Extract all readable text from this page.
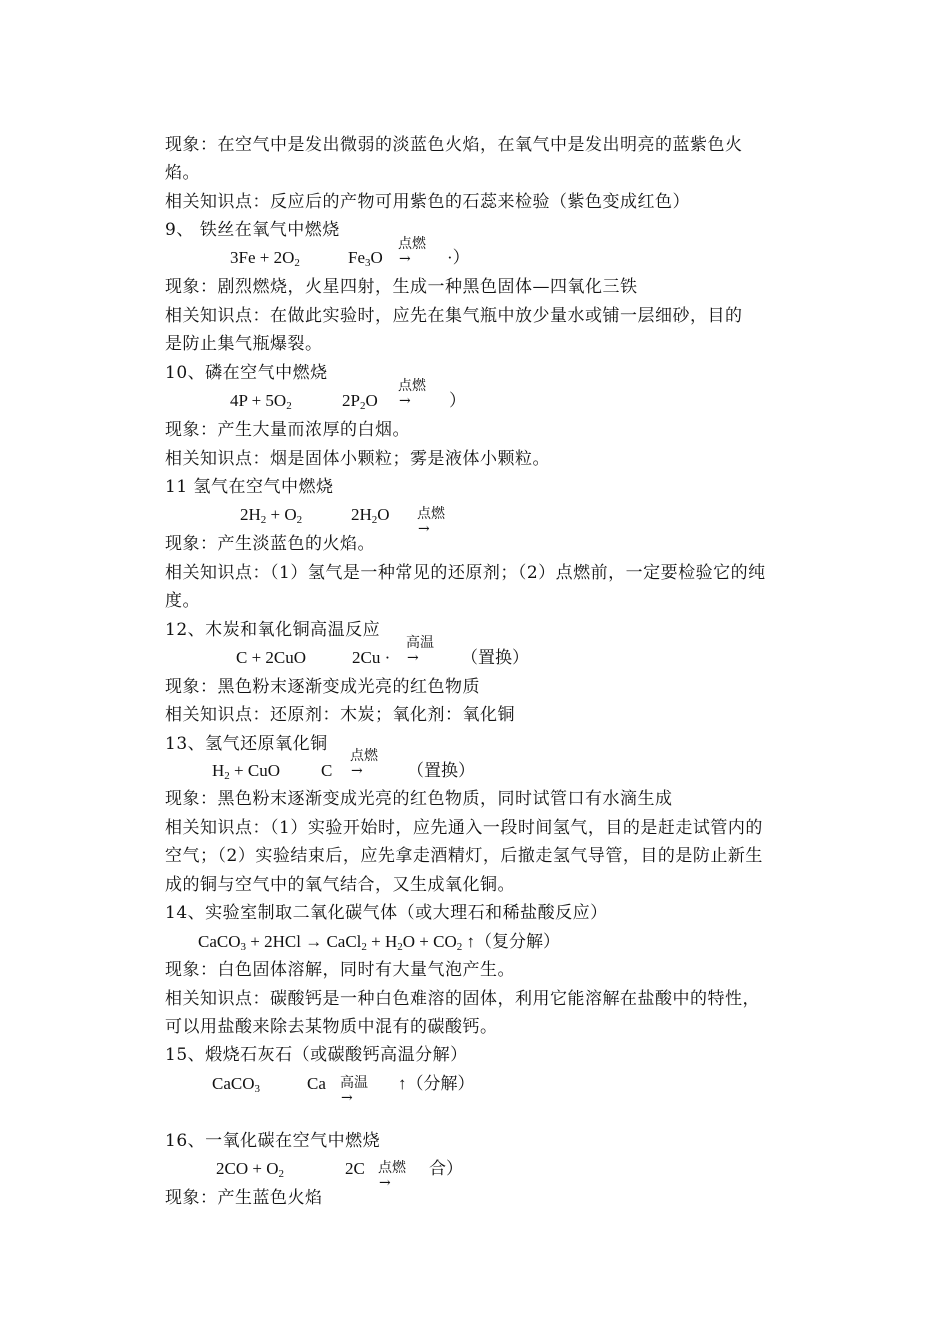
现象：在空气中是发出微弱的淡蓝色火焰，在氧气中是发出明亮的蓝紫色火
焰。
相关知识点：反应后的产物可用紫色的石蕊来检验（紫色变成红色）
9、 铁丝在氧气中燃烧
点燃
→
$3Fe + 2O_2$	$Fe_3O$	·）
现象：剧烈燃烧，火星四射，生成一种黑色固体—四氧化三铁
相关知识点：在做此实验时，应先在集气瓶中放少量水或铺一层细砂，目的
是防止集气瓶爆裂。
10、磷在空气中燃烧
点燃
→
$4P + 5O_2$	$2P_2O$	）
现象：产生大量而浓厚的白烟。
相关知识点：烟是固体小颗粒；雾是液体小颗粒。
11 氢气在空气中燃烧
$2H_2 + O_2$	$2H_2O$ 点燃
→
现象：产生淡蓝色的火焰。
相关知识点：（1）氢气是一种常见的还原剂；（2）点燃前，一定要检验它的纯
度。
12、木炭和氧化铜高温反应
高温
→
C + 2CuO	2Cu ·	（置换）
现象：黑色粉末逐渐变成光亮的红色物质
相关知识点：还原剂：木炭；氧化剂：氧化铜
13、氢气还原氧化铜
点燃
→
$H_2$ + CuO C	（置换）
现象：黑色粉末逐渐变成光亮的红色物质，同时试管口有水滴生成
相关知识点：（1）实验开始时，应先通入一段时间氢气，目的是赶走试管内的
空气；（2）实验结束后，应先拿走酒精灯，后撤走氢气导管，目的是防止新生
成的铜与空气中的氧气结合，又生成氧化铜。
14、实验室制取二氧化碳气体（或大理石和稀盐酸反应）
CaCO$_3$ + 2HCl → CaCl$_2$ + $H_2O + CO_2$ ↑（复分解）
现象：白色固体溶解，同时有大量气泡产生。
相关知识点：碳酸钙是一种白色难溶的固体，利用它能溶解在盐酸中的特性，
可以用盐酸来除去某物质中混有的碳酸钙。
15、煅烧石灰石（或碳酸钙高温分解）
CaCO$_3$	Ca 高温
→
↑（分解）
16、一氧化碳在空气中燃烧
$2CO + O_2$	2C 点燃
→
合）
现象：产生蓝色火焰
